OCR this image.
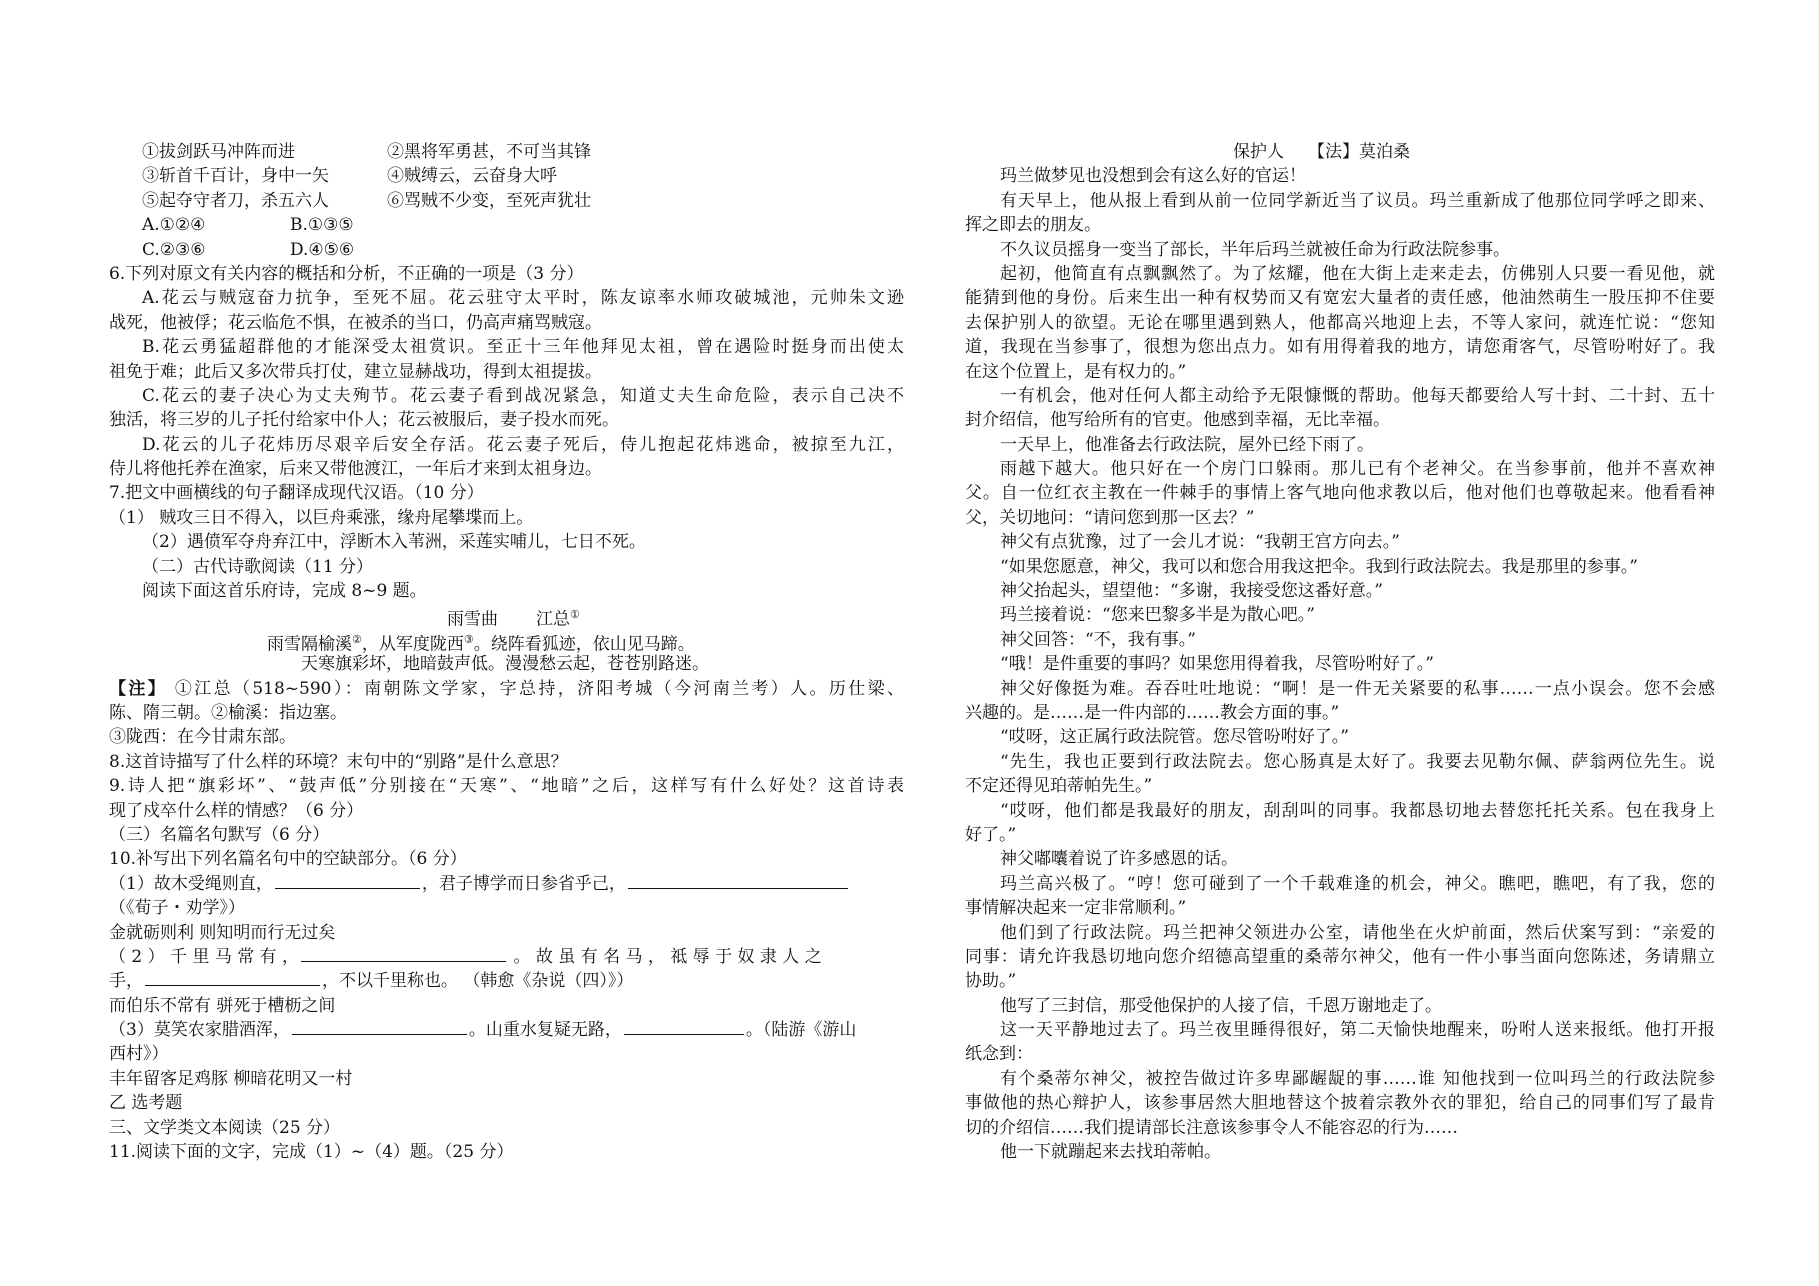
①拔剑跃马冲阵而进	②黑将军勇甚，不可当其锋
③斩首千百计，身中一矢	④贼缚云，云奋身大呼
⑤起夺守者刀，杀五六人	⑥骂贼不少变，至死声犹壮
A.①②④	B.①③⑤
C.②③⑥	D.④⑤⑥
6.下列对原文有关内容的概括和分析，不正确的一项是（3 分）
A.花云与贼寇奋力抗争，至死不屈。花云驻守太平时，陈友谅率水师攻破城池，元帅朱文逊
战死，他被俘；花云临危不惧，在被杀的当口，仍高声痛骂贼寇。
B.花云勇猛超群他的才能深受太祖赏识。至正十三年他拜见太祖，曾在遇险时挺身而出使太
祖免于难；此后又多次带兵打仗，建立显赫战功，得到太祖提拔。
C.花云的妻子决心为丈夫殉节。花云妻子看到战况紧急，知道丈夫生命危险，表示自己决不
独活，将三岁的儿子托付给家中仆人；花云被服后，妻子投水而死。
D.花云的儿子花炜历尽艰辛后安全存活。花云妻子死后，侍儿抱起花炜逃命，被掠至九江，
侍儿将他托养在渔家，后来又带他渡江，一年后才来到太祖身边。
7.把文中画横线的句子翻译成现代汉语。（10 分）
（1） 贼攻三日不得入，以巨舟乘涨，缘舟尾攀堞而上。
（2）遇偾军夺舟弃江中，浮断木入苇洲，采莲实哺儿，七日不死。
（二）古代诗歌阅读（11 分）
阅读下面这首乐府诗，完成 8~9 题。
雨雪曲 江总①
雨雪隔榆溪②，从军度陇西③。绕阵看狐迹，依山见马蹄。
天寒旗彩坏，地暗鼓声低。漫漫愁云起，苍苍别路迷。
【注】 ①江总（518~590）：南朝陈文学家，字总持，济阳考城（今河南兰考）人。历仕梁、
陈、隋三朝。②榆溪：指边塞。
③陇西：在今甘肃东部。
8.这首诗描写了什么样的环境？末句中的“别路”是什么意思？
9.诗人把“旗彩坏”、“鼓声低”分别接在“天寒”、“地暗”之后，这样写有什么好处？这首诗表
现了戍卒什么样的情感？（6 分）
（三）名篇名句默写（6 分）
10.补写出下列名篇名句中的空缺部分。（6 分）
（1）故木受绳则直，	，君子博学而日参省乎己，
（《荀子・劝学》）
金就砺则利 则知明而行无过矣
（ 2 ） 千 里 马 常 有 ，	。 故 虽 有 名 马 ， 祗 辱 于 奴 隶 人 之
手，	，不以千里称也。 （韩愈《杂说（四）》）
而伯乐不常有 骈死于槽枥之间
（3）莫笑农家腊酒浑，	。山重水复疑无路，	。（陆游《游山
西村》）
丰年留客足鸡豚 柳暗花明又一村
乙 选考题
三、文学类文本阅读（25 分）
11.阅读下面的文字，完成（1）~（4）题。（25 分）
保护人 【法】莫泊桑
玛兰做梦见也没想到会有这么好的官运！
有天早上，他从报上看到从前一位同学新近当了议员。玛兰重新成了他那位同学呼之即来、
挥之即去的朋友。
不久议员摇身一变当了部长，半年后玛兰就被任命为行政法院参事。
起初，他简直有点飘飘然了。为了炫耀，他在大街上走来走去，仿佛别人只要一看见他，就
能猜到他的身份。后来生出一种有权势而又有宽宏大量者的责任感，他油然萌生一股压抑不住要
去保护别人的欲望。无论在哪里遇到熟人，他都高兴地迎上去，不等人家问，就连忙说：“您知
道，我现在当参事了，很想为您出点力。如有用得着我的地方，请您甭客气，尽管吩咐好了。我
在这个位置上，是有权力的。”
一有机会，他对任何人都主动给予无限慷慨的帮助。他每天都要给人写十封、二十封、五十
封介绍信，他写给所有的官吏。他感到幸福，无比幸福。
一天早上，他准备去行政法院，屋外已经下雨了。
雨越下越大。他只好在一个房门口躲雨。那儿已有个老神父。在当参事前，他并不喜欢神
父。自一位红衣主教在一件棘手的事情上客气地向他求教以后，他对他们也尊敬起来。他看看神
父，关切地问：“请问您到那一区去？”
神父有点犹豫，过了一会儿才说：“我朝王宫方向去。”
“如果您愿意，神父，我可以和您合用我这把伞。我到行政法院去。我是那里的参事。”
神父抬起头，望望他：“多谢，我接受您这番好意。”
玛兰接着说：“您来巴黎多半是为散心吧。”
神父回答：“不，我有事。”
“哦！是件重要的事吗？如果您用得着我，尽管吩咐好了。”
神父好像挺为难。吞吞吐吐地说：“啊！是一件无关紧要的私事……一点小误会。您不会感
兴趣的。是……是一件内部的……教会方面的事。”
“哎呀，这正属行政法院管。您尽管吩咐好了。”
“先生，我也正要到行政法院去。您心肠真是太好了。我要去见勒尔佩、萨翁两位先生。说
不定还得见珀蒂帕先生。”
“哎呀，他们都是我最好的朋友，刮刮叫的同事。我都恳切地去替您托托关系。包在我身上
好了。”
神父嘟囔着说了许多感恩的话。
玛兰高兴极了。“哼！您可碰到了一个千载难逢的机会，神父。瞧吧，瞧吧，有了我，您的
事情解决起来一定非常顺利。”
他们到了行政法院。玛兰把神父领进办公室，请他坐在火炉前面，然后伏案写到：“亲爱的
同事：请允许我恳切地向您介绍德高望重的桑蒂尔神父，他有一件小事当面向您陈述，务请鼎立
协助。”
他写了三封信，那受他保护的人接了信，千恩万谢地走了。
这一天平静地过去了。玛兰夜里睡得很好，第二天愉快地醒来，吩咐人送来报纸。他打开报
纸念到：
有个桑蒂尔神父，被控告做过许多卑鄙龌龊的事……谁 知他找到一位叫玛兰的行政法院参
事做他的热心辩护人，该参事居然大胆地替这个披着宗教外衣的罪犯，给自己的同事们写了最肯
切的介绍信……我们提请部长注意该参事令人不能容忍的行为……
他一下就蹦起来去找珀蒂帕。
